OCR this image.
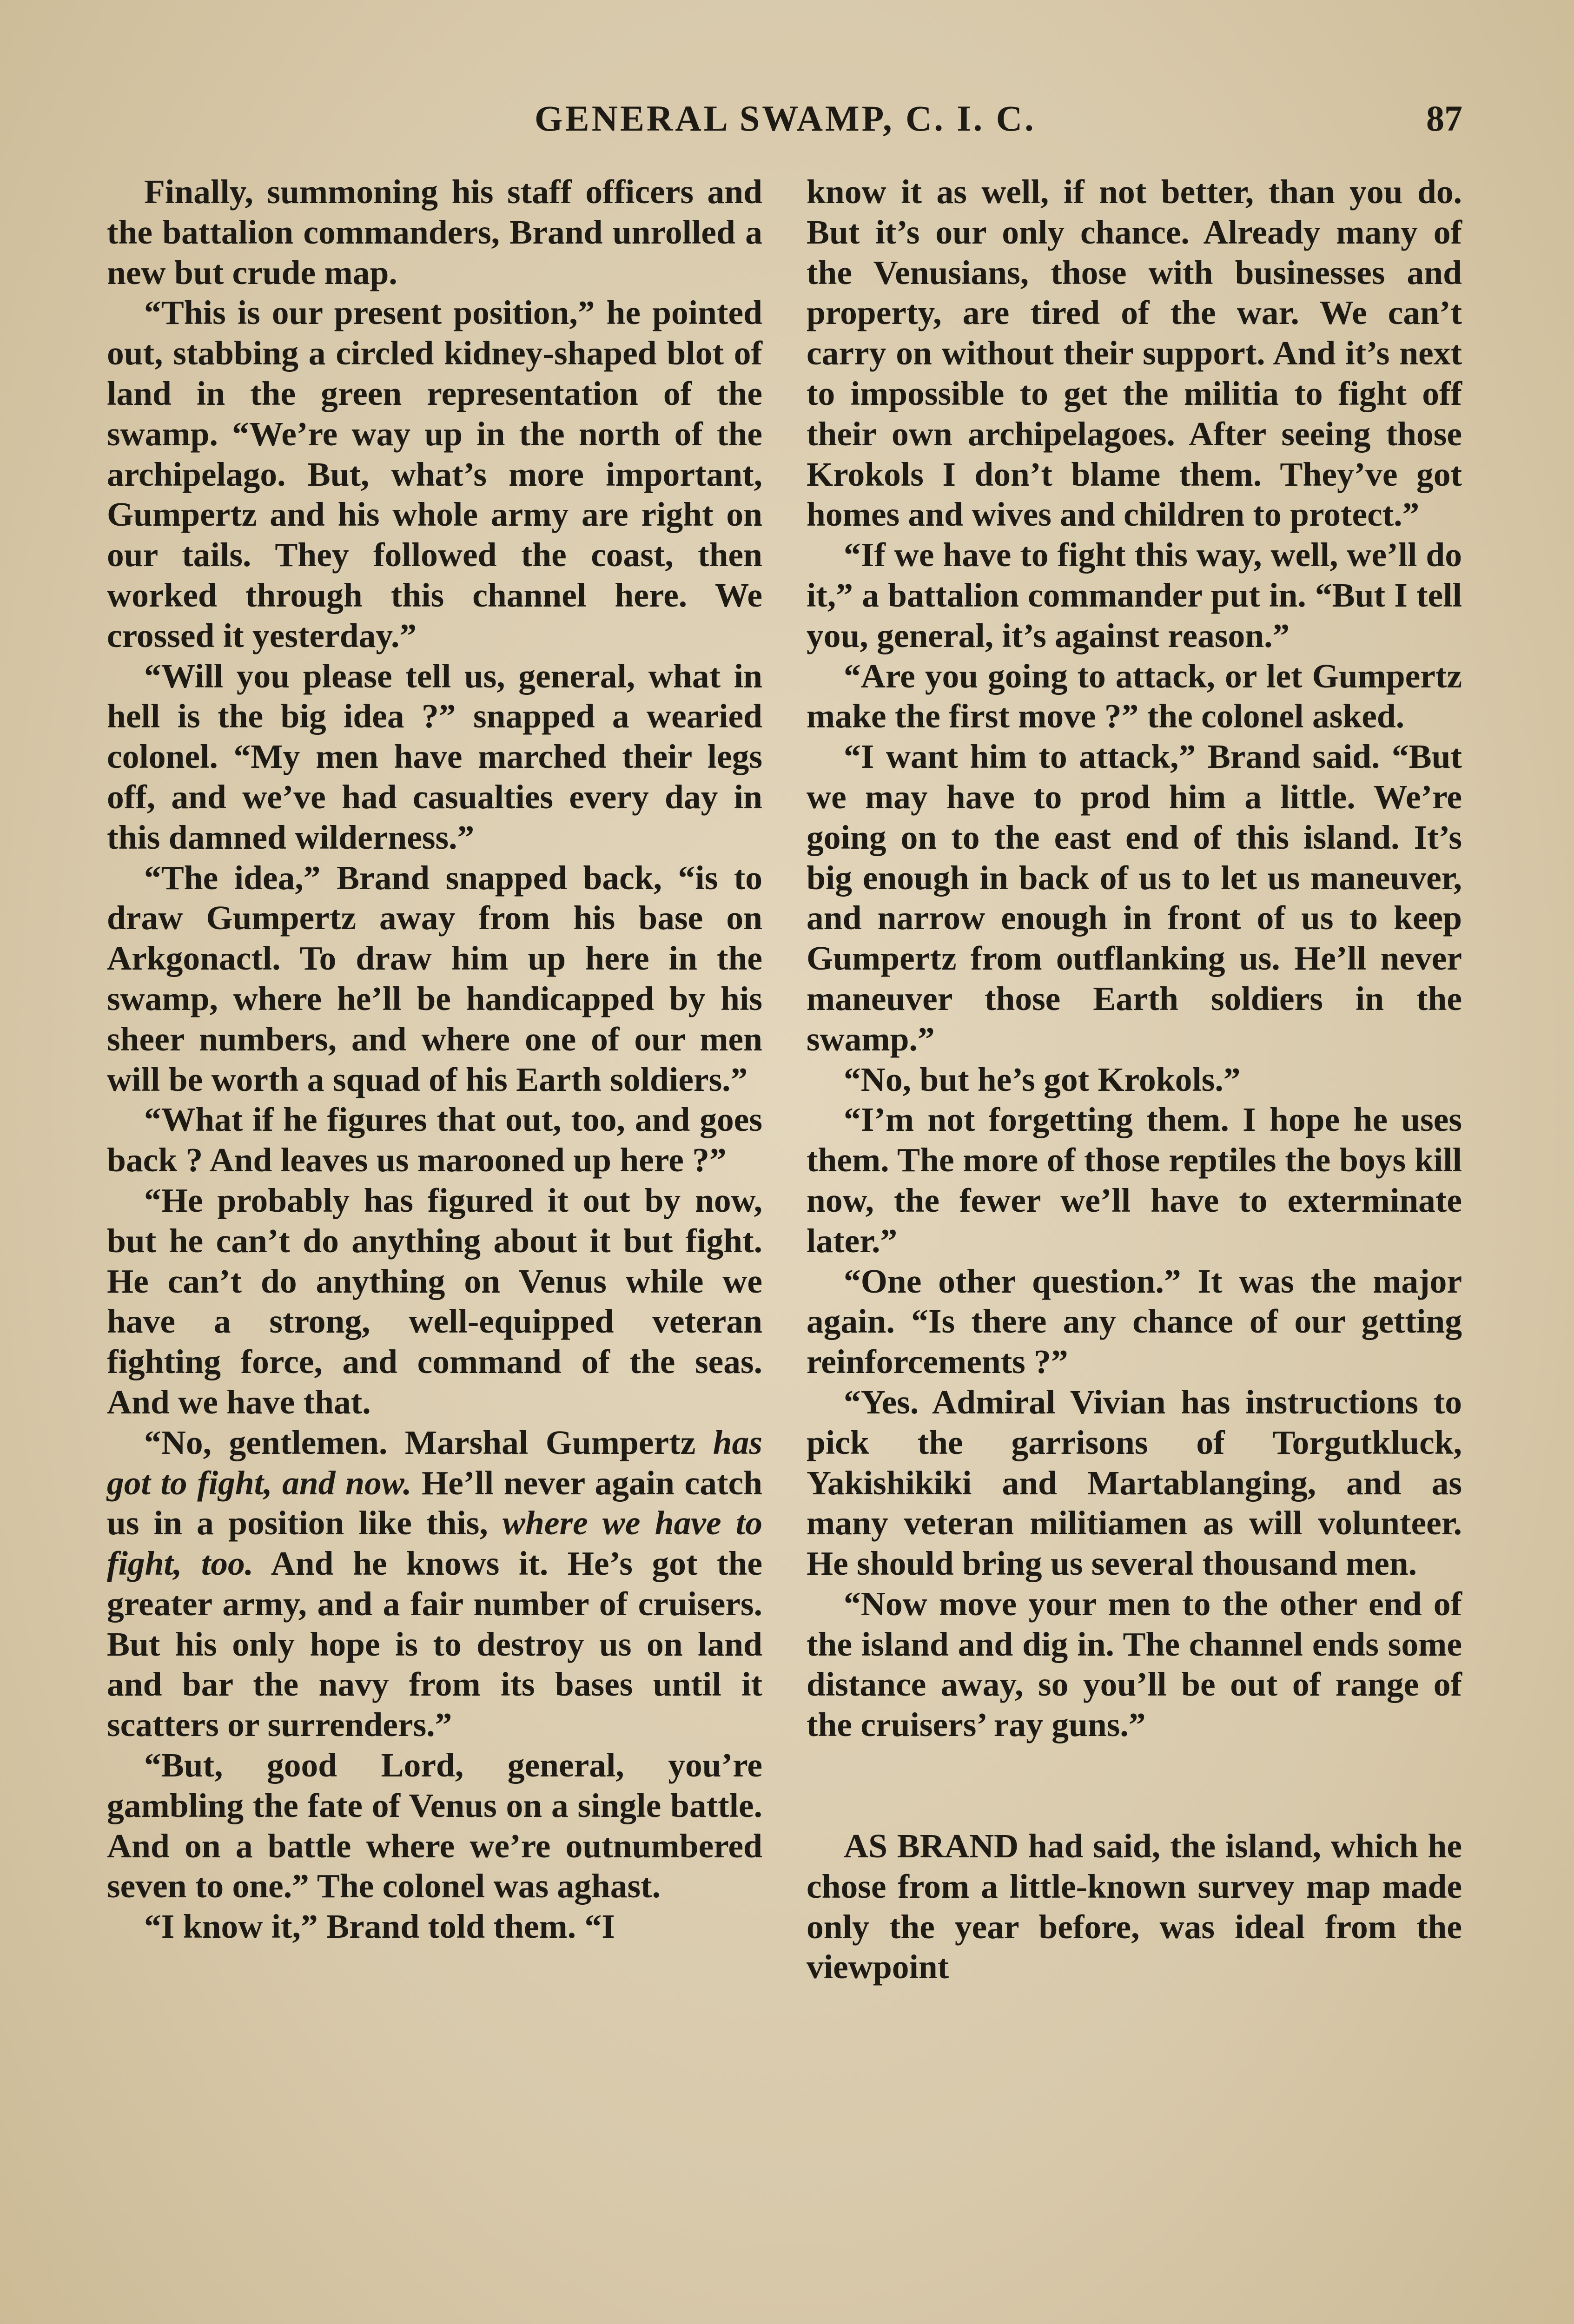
GENERAL SWAMP, C. I. C.	87

Finally, summoning his staff officers and the battalion commanders, Brand unrolled a new but crude map.

“This is our present position,” he pointed out, stabbing a circled kidney-shaped blot of land in the green representation of the swamp. “We’re way up in the north of the archipelago. But, what’s more important, Gumpertz and his whole army are right on our tails. They followed the coast, then worked through this channel here. We crossed it yesterday.”

“Will you please tell us, general, what in hell is the big idea ?” snapped a wearied colonel. “My men have marched their legs off, and we’ve had casualties every day in this damned wilderness.”

“The idea,” Brand snapped back, “is to draw Gumpertz away from his base on Arkgonactl. To draw him up here in the swamp, where he’ll be handicapped by his sheer numbers, and where one of our men will be worth a squad of his Earth soldiers.”

“What if he figures that out, too, and goes back ? And leaves us marooned up here ?”

“He probably has figured it out by now, but he can’t do anything about it but fight. He can’t do anything on Venus while we have a strong, well-equipped veteran fighting force, and command of the seas. And we have that.

“No, gentlemen. Marshal Gumpertz has got to fight, and now. He’ll never again catch us in a position like this, where we have to fight, too. And he knows it. He’s got the greater army, and a fair number of cruisers. But his only hope is to destroy us on land and bar the navy from its bases until it scatters or surrenders.”

“But, good Lord, general, you’re gambling the fate of Venus on a single battle. And on a battle where we’re outnumbered seven to one.” The colonel was aghast.

“I know it,” Brand told them. “I

know it as well, if not better, than you do. But it’s our only chance. Already many of the Venusians, those with businesses and property, are tired of the war. We can’t carry on without their support. And it’s next to impossible to get the militia to fight off their own archipelagoes. After seeing those Krokols I don’t blame them. They’ve got homes and wives and children to protect.”

“If we have to fight this way, well, we’ll do it,” a battalion commander put in. “But I tell you, general, it’s against reason.”

“Are you going to attack, or let Gumpertz make the first move ?” the colonel asked.

“I want him to attack,” Brand said. “But we may have to prod him a little. We’re going on to the east end of this island. It’s big enough in back of us to let us maneuver, and narrow enough in front of us to keep Gumpertz from outflanking us. He’ll never maneuver those Earth soldiers in the swamp.”

“No, but he’s got Krokols.”

“I’m not forgetting them. I hope he uses them. The more of those reptiles the boys kill now, the fewer we’ll have to exterminate later.”

“One other question.” It was the major again. “Is there any chance of our getting reinforcements ?”

“Yes. Admiral Vivian has instructions to pick the garrisons of Torgutkluck, Yakishikiki and Martablanging, and as many veteran militiamen as will volunteer. He should bring us several thousand men.

“Now move your men to the other end of the island and dig in. The channel ends some distance away, so you’ll be out of range of the cruisers’ ray guns.”

AS BRAND had said, the island, which he chose from a little-known survey map made only the year before, was ideal from the viewpoint
